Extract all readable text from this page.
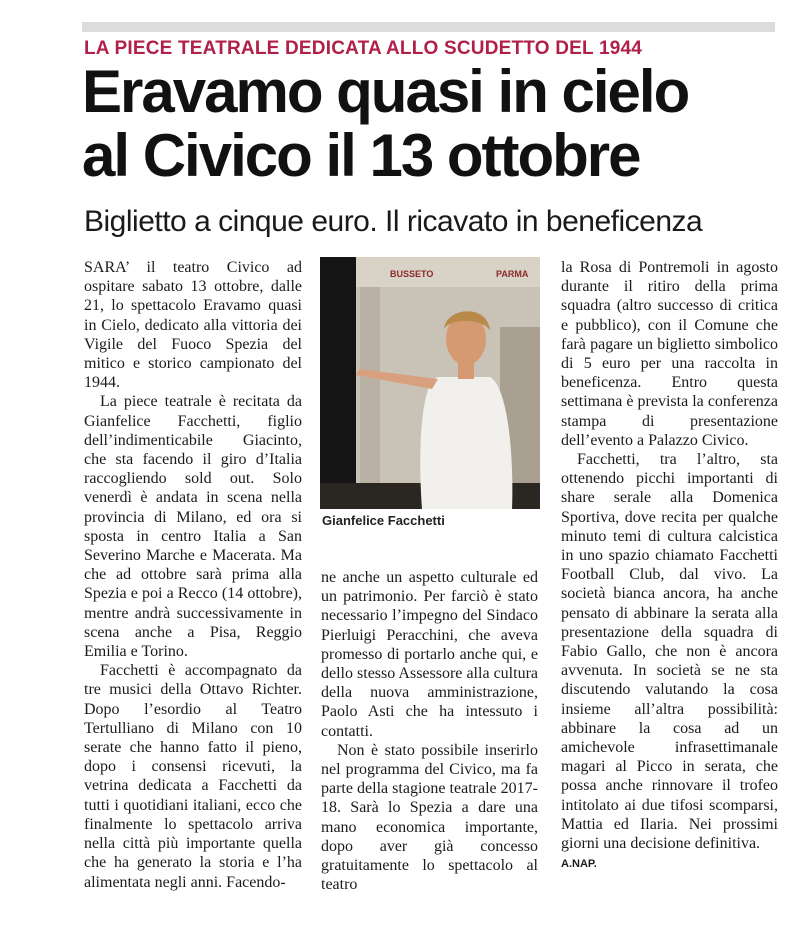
LA PIECE TEATRALE DEDICATA ALLO SCUDETTO DEL 1944
Eravamo quasi in cielo
al Civico il 13 ottobre
Biglietto a cinque euro. Il ricavato in beneficenza

SARA’ il teatro Civico ad ospitare sabato 13 ottobre, dalle 21, lo spettacolo Eravamo quasi in Cielo, dedicato alla vittoria dei Vigile del Fuoco Spezia del mitico e storico campionato del 1944.

La piece teatrale è recitata da Gianfelice Facchetti, figlio dell’indimenticabile Giacinto, che sta facendo il giro d’Italia raccogliendo sold out. Solo venerdì è andata in scena nella provincia di Milano, ed ora si sposta in centro Italia a San Severino Marche e Macerata. Ma che ad ottobre sarà prima alla Spezia e poi a Recco (14 ottobre), mentre andrà successivamente in scena anche a Pisa, Reggio Emilia e Torino.

Facchetti è accompagnato da tre musici della Ottavo Richter. Dopo l’esordio al Teatro Tertulliano di Milano con 10 serate che hanno fatto il pieno, dopo i consensi ricevuti, la vetrina dedicata a Facchetti da tutti i quotidiani italiani, ecco che finalmente lo spettacolo arriva nella città più importante quella che ha generato la storia e l’ha alimentata negli anni. Facendo-

BUSSETO	PARMA
Gianfelice Facchetti

ne anche un aspetto culturale ed un patrimonio. Per farciò è stato necessario l’impegno del Sindaco Pierluigi Peracchini, che aveva promesso di portarlo anche qui, e dello stesso Assessore alla cultura della nuova amministrazione, Paolo Asti che ha intessuto i contatti.

Non è stato possibile inserirlo nel programma del Civico, ma fa parte della stagione teatrale 2017-18. Sarà lo Spezia a dare una mano economica importante, dopo aver già concesso gratuitamente lo spettacolo al teatro

la Rosa di Pontremoli in agosto durante il ritiro della prima squadra (altro successo di critica e pubblico), con il Comune che farà pagare un biglietto simbolico di 5 euro per una raccolta in beneficenza. Entro questa settimana è prevista la conferenza stampa di presentazione dell’evento a Palazzo Civico.

Facchetti, tra l’altro, sta ottenendo picchi importanti di share serale alla Domenica Sportiva, dove recita per qualche minuto temi di cultura calcistica in uno spazio chiamato Facchetti Football Club, dal vivo. La società bianca ancora, ha anche pensato di abbinare la serata alla presentazione della squadra di Fabio Gallo, che non è ancora avvenuta. In società se ne sta discutendo valutando la cosa insieme all’altra possibilità: abbinare la cosa ad un amichevole infrasettimanale magari al Picco in serata, che possa anche rinnovare il trofeo intitolato ai due tifosi scomparsi, Mattia ed Ilaria. Nei prossimi giorni una decisione definitiva.

A.NAP.
